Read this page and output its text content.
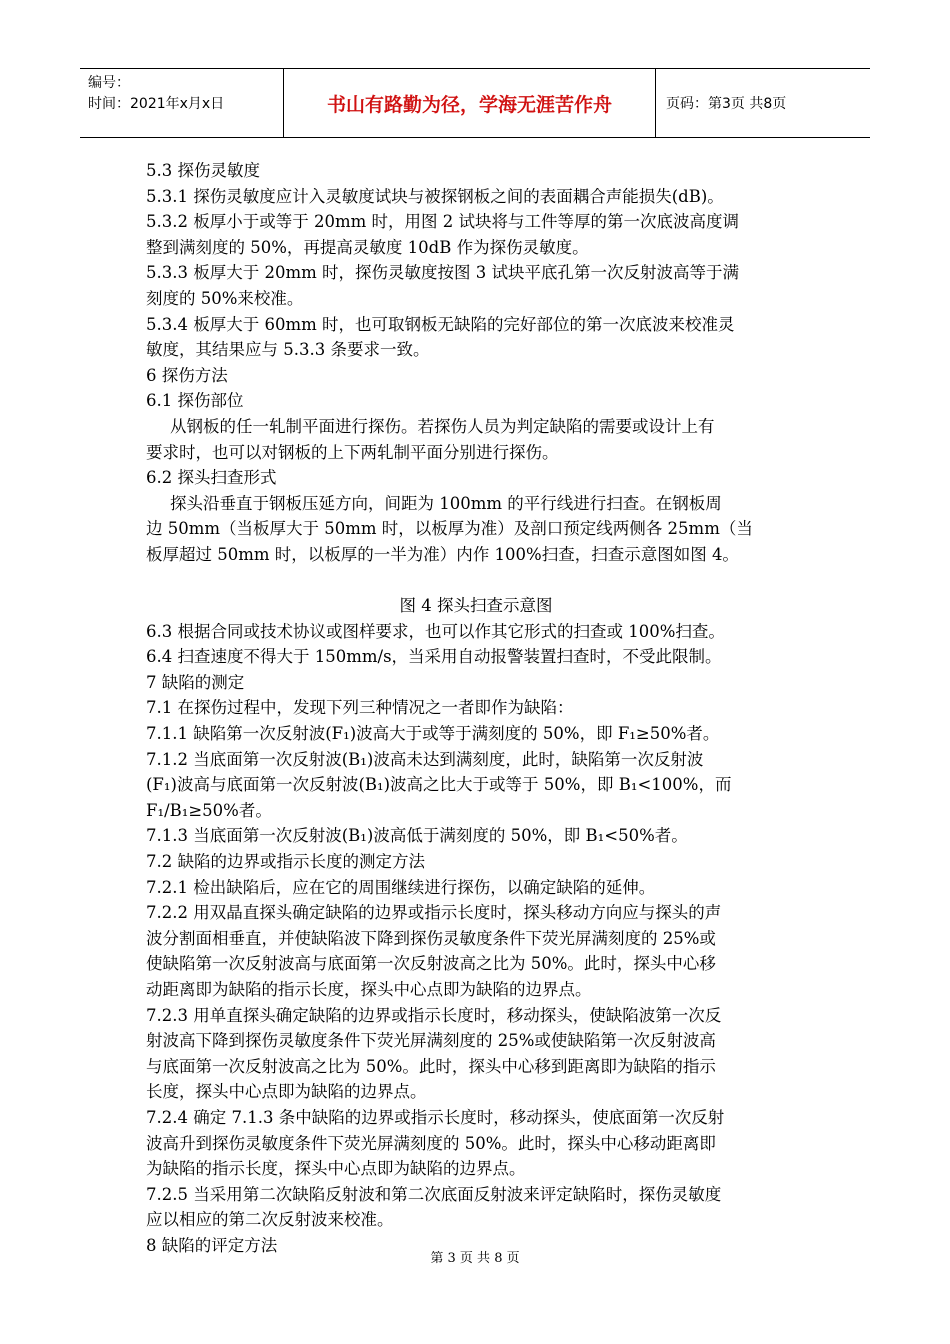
编号：
时间：2021年x月x日	书山有路勤为径，学海无涯苦作舟	页码：第3页 共8页
5.3 探伤灵敏度
5.3.1 探伤灵敏度应计入灵敏度试块与被探钢板之间的表面耦合声能损失(dB)。
5.3.2 板厚小于或等于 20mm 时，用图 2 试块将与工件等厚的第一次底波高度调
整到满刻度的 50%，再提高灵敏度 10dB 作为探伤灵敏度。
5.3.3 板厚大于 20mm 时，探伤灵敏度按图 3 试块平底孔第一次反射波高等于满
刻度的 50%来校准。
5.3.4 板厚大于 60mm 时，也可取钢板无缺陷的完好部位的第一次底波来校准灵
敏度，其结果应与 5.3.3 条要求一致。
6 探伤方法
6.1 探伤部位
从钢板的任一轧制平面进行探伤。若探伤人员为判定缺陷的需要或设计上有
要求时，也可以对钢板的上下两轧制平面分别进行探伤。
6.2 探头扫查形式
探头沿垂直于钢板压延方向，间距为 100mm 的平行线进行扫查。在钢板周
边 50mm（当板厚大于 50mm 时，以板厚为准）及剖口预定线两侧各 25mm（当
板厚超过 50mm 时，以板厚的一半为准）内作 100%扫查，扫查示意图如图 4。
图 4 探头扫查示意图
6.3 根据合同或技术协议或图样要求，也可以作其它形式的扫查或 100%扫查。
6.4 扫查速度不得大于 150mm/s，当采用自动报警装置扫查时，不受此限制。
7 缺陷的测定
7.1 在探伤过程中，发现下列三种情况之一者即作为缺陷：
7.1.1 缺陷第一次反射波(F₁)波高大于或等于满刻度的 50%，即 F₁≥50%者。
7.1.2 当底面第一次反射波(B₁)波高未达到满刻度，此时，缺陷第一次反射波
(F₁)波高与底面第一次反射波(B₁)波高之比大于或等于 50%，即 B₁<100%，而
F₁/B₁≥50%者。
7.1.3 当底面第一次反射波(B₁)波高低于满刻度的 50%，即 B₁<50%者。
7.2 缺陷的边界或指示长度的测定方法
7.2.1 检出缺陷后，应在它的周围继续进行探伤，以确定缺陷的延伸。
7.2.2 用双晶直探头确定缺陷的边界或指示长度时，探头移动方向应与探头的声
波分割面相垂直，并使缺陷波下降到探伤灵敏度条件下荧光屏满刻度的 25%或
使缺陷第一次反射波高与底面第一次反射波高之比为 50%。此时，探头中心移
动距离即为缺陷的指示长度，探头中心点即为缺陷的边界点。
7.2.3 用单直探头确定缺陷的边界或指示长度时，移动探头，使缺陷波第一次反
射波高下降到探伤灵敏度条件下荧光屏满刻度的 25%或使缺陷第一次反射波高
与底面第一次反射波高之比为 50%。此时，探头中心移到距离即为缺陷的指示
长度，探头中心点即为缺陷的边界点。
7.2.4 确定 7.1.3 条中缺陷的边界或指示长度时，移动探头，使底面第一次反射
波高升到探伤灵敏度条件下荧光屏满刻度的 50%。此时，探头中心移动距离即
为缺陷的指示长度，探头中心点即为缺陷的边界点。
7.2.5 当采用第二次缺陷反射波和第二次底面反射波来评定缺陷时，探伤灵敏度
应以相应的第二次反射波来校准。
8 缺陷的评定方法
第 3 页 共 8 页
